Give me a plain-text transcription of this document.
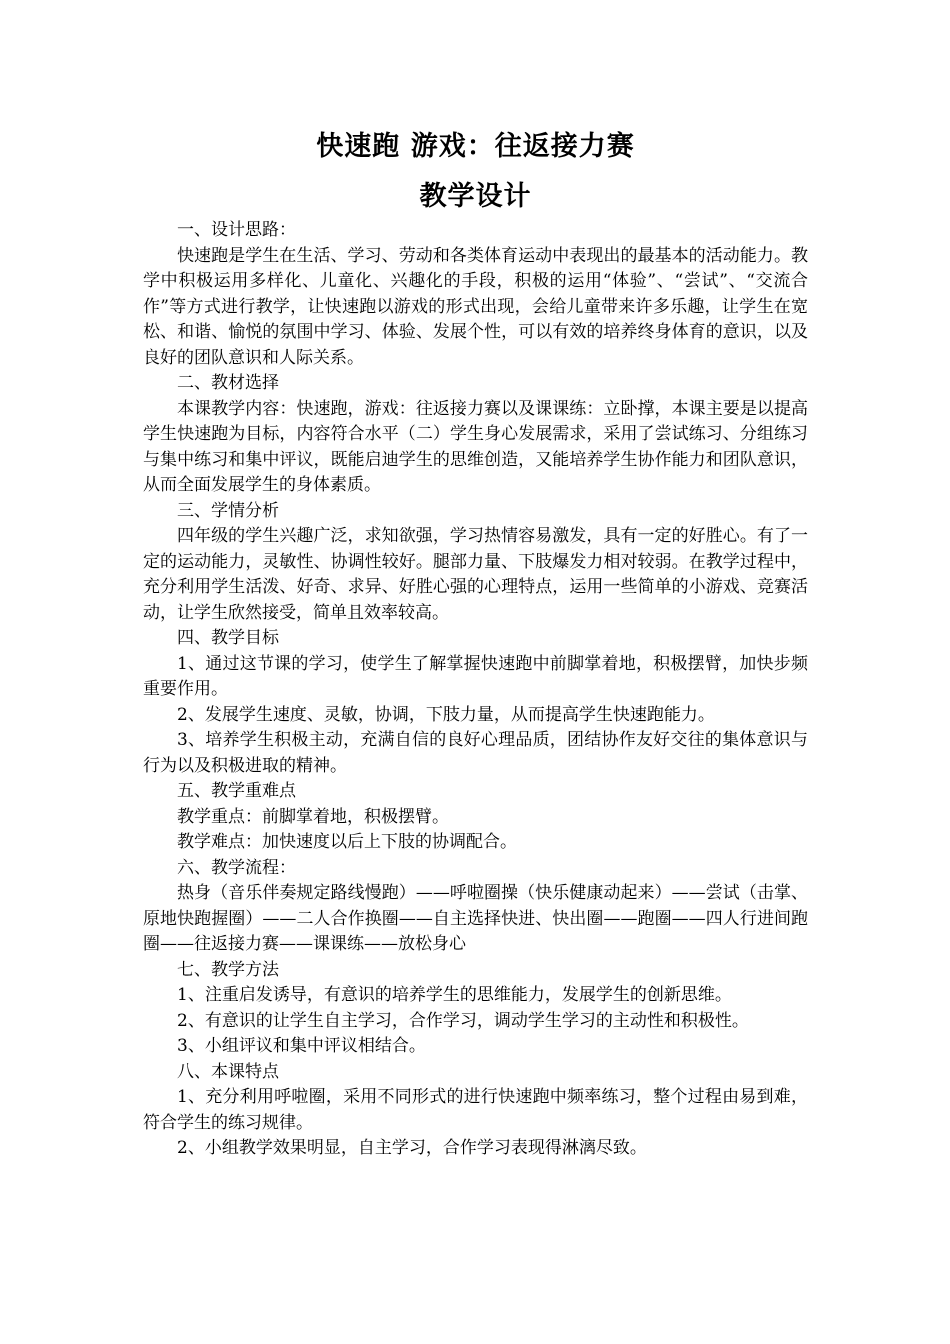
快速跑 游戏：往返接力赛
教学设计

一、设计思路：

快速跑是学生在生活、学习、劳动和各类体育运动中表现出的最基本的活动能力。教学中积极运用多样化、儿童化、兴趣化的手段，积极的运用“体验”、“尝试”、“交流合作”等方式进行教学，让快速跑以游戏的形式出现，会给儿童带来许多乐趣，让学生在宽松、和谐、愉悦的氛围中学习、体验、发展个性，可以有效的培养终身体育的意识，以及良好的团队意识和人际关系。

二、教材选择

本课教学内容：快速跑，游戏：往返接力赛以及课课练：立卧撑，本课主要是以提高学生快速跑为目标，内容符合水平（二）学生身心发展需求，采用了尝试练习、分组练习与集中练习和集中评议，既能启迪学生的思维创造，又能培养学生协作能力和团队意识，从而全面发展学生的身体素质。

三、学情分析

四年级的学生兴趣广泛，求知欲强，学习热情容易激发，具有一定的好胜心。有了一定的运动能力，灵敏性、协调性较好。腿部力量、下肢爆发力相对较弱。在教学过程中，充分利用学生活泼、好奇、求异、好胜心强的心理特点，运用一些简单的小游戏、竞赛活动，让学生欣然接受，简单且效率较高。

四、教学目标

1、通过这节课的学习，使学生了解掌握快速跑中前脚掌着地，积极摆臂，加快步频重要作用。

2、发展学生速度、灵敏，协调，下肢力量，从而提高学生快速跑能力。

3、培养学生积极主动，充满自信的良好心理品质，团结协作友好交往的集体意识与行为以及积极进取的精神。

五、教学重难点

教学重点：前脚掌着地，积极摆臂。

教学难点：加快速度以后上下肢的协调配合。

六、教学流程：

热身（音乐伴奏规定路线慢跑）——呼啦圈操（快乐健康动起来）——尝试（击掌、原地快跑握圈）——二人合作换圈——自主选择快进、快出圈——跑圈——四人行进间跑圈——往返接力赛——课课练——放松身心

七、教学方法

1、注重启发诱导，有意识的培养学生的思维能力，发展学生的创新思维。

2、有意识的让学生自主学习，合作学习，调动学生学习的主动性和积极性。

3、小组评议和集中评议相结合。

八、本课特点

1、充分利用呼啦圈，采用不同形式的进行快速跑中频率练习，整个过程由易到难，符合学生的练习规律。

2、小组教学效果明显，自主学习，合作学习表现得淋漓尽致。
